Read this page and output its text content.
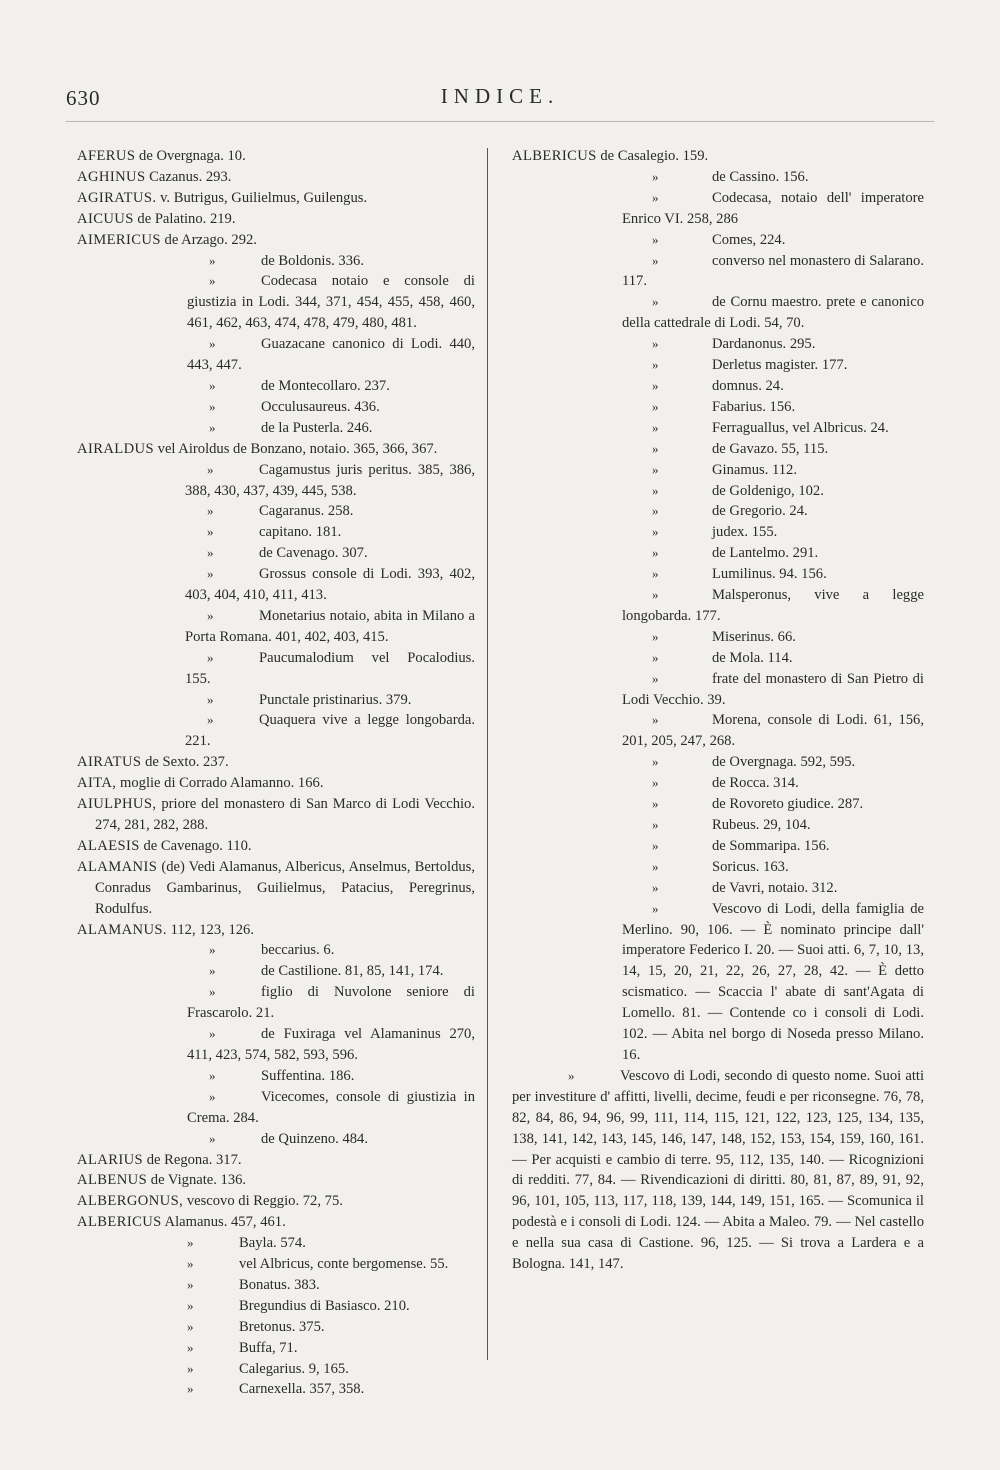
630	INDICE.
AFERUS de Overgnaga. 10.
AGHINUS Cazanus. 293.
AGIRATUS. v. Butrigus, Guilielmus, Guilengus.
AICUUS de Palatino. 219.
AIMERICUS de Arzago. 292.
»	de Boldonis. 336.
»	Codecasa notaio e console di giustizia in Lodi. 344, 371, 454, 455, 458, 460, 461, 462, 463, 474, 478, 479, 480, 481.
»	Guazacane canonico di Lodi. 440, 443, 447.
»	de Montecollaro. 237.
»	Occulusaureus. 436.
»	de la Pusterla. 246.
AIRALDUS vel Airoldus de Bonzano, notaio. 365, 366, 367.
»	Cagamustus juris peritus. 385, 386, 388, 430, 437, 439, 445, 538.
»	Cagaranus. 258.
»	capitano. 181.
»	de Cavenago. 307.
»	Grossus console di Lodi. 393, 402, 403, 404, 410, 411, 413.
»	Monetarius notaio, abita in Milano a Porta Romana. 401, 402, 403, 415.
»	Paucumalodium vel Pocalodius. 155.
»	Punctale pristinarius. 379.
»	Quaquera vive a legge longobarda. 221.
AIRATUS de Sexto. 237.
AITA, moglie di Corrado Alamanno. 166.
AIULPHUS, priore del monastero di San Marco di Lodi Vecchio. 274, 281, 282, 288.
ALAESIS de Cavenago. 110.
ALAMANIS (de) Vedi Alamanus, Albericus, Anselmus, Bertoldus, Conradus Gambarinus, Guilielmus, Patacius, Peregrinus, Rodulfus.
ALAMANUS. 112, 123, 126.
»	beccarius. 6.
»	de Castilione. 81, 85, 141, 174.
»	figlio di Nuvolone seniore di Frascarolo. 21.
»	de Fuxiraga vel Alamaninus 270, 411, 423, 574, 582, 593, 596.
»	Suffentina. 186.
»	Vicecomes, console di giustizia in Crema. 284.
»	de Quinzeno. 484.
ALARIUS de Regona. 317.
ALBENUS de Vignate. 136.
ALBERGONUS, vescovo di Reggio. 72, 75.
ALBERICUS Alamanus. 457, 461.
»	Bayla. 574.
»	vel Albricus, conte bergomense. 55.
»	Bonatus. 383.
»	Bregundius di Basiasco. 210.
»	Bretonus. 375.
»	Buffa, 71.
»	Calegarius. 9, 165.
»	Carnexella. 357, 358.
ALBERICUS de Casalegio. 159.
»	de Cassino. 156.
»	Codecasa, notaio dell' imperatore Enrico VI. 258, 286
»	Comes, 224.
»	converso nel monastero di Salarano. 117.
»	de Cornu maestro. prete e canonico della cattedrale di Lodi. 54, 70.
»	Dardanonus. 295.
»	Derletus magister. 177.
»	domnus. 24.
»	Fabarius. 156.
»	Ferraguallus, vel Albricus. 24.
»	de Gavazo. 55, 115.
»	Ginamus. 112.
»	de Goldenigo, 102.
»	de Gregorio. 24.
»	judex. 155.
»	de Lantelmo. 291.
»	Lumilinus. 94. 156.
»	Malsperonus, vive a legge longobarda. 177.
»	Miserinus. 66.
»	de Mola. 114.
»	frate del monastero di San Pietro di Lodi Vecchio. 39.
»	Morena, console di Lodi. 61, 156, 201, 205, 247, 268.
»	de Overgnaga. 592, 595.
»	de Rocca. 314.
»	de Rovoreto giudice. 287.
»	Rubeus. 29, 104.
»	de Sommaripa. 156.
»	Soricus. 163.
»	de Vavri, notaio. 312.
»	Vescovo di Lodi, della famiglia de Merlino. 90, 106. — È nominato principe dall' imperatore Federico I. 20. — Suoi atti. 6, 7, 10, 13, 14, 15, 20, 21, 22, 26, 27, 28, 42. — È detto scismatico. — Scaccia l' abate di sant'Agata di Lomello. 81. — Contende co i consoli di Lodi. 102. — Abita nel borgo di Noseda presso Milano. 16.
»	Vescovo di Lodi, secondo di questo nome. Suoi atti per investiture d' affitti, livelli, decime, feudi e per riconsegne. 76, 78, 82, 84, 86, 94, 96, 99, 111, 114, 115, 121, 122, 123, 125, 134, 135, 138, 141, 142, 143, 145, 146, 147, 148, 152, 153, 154, 159, 160, 161. — Per acquisti e cambio di terre. 95, 112, 135, 140. — Ricognizioni di redditi. 77, 84. — Rivendicazioni di diritti. 80, 81, 87, 89, 91, 92, 96, 101, 105, 113, 117, 118, 139, 144, 149, 151, 165. — Scomunica il podestà e i consoli di Lodi. 124. — Abita a Maleo. 79. — Nel castello e nella sua casa di Castione. 96, 125. — Si trova a Lardera e a Bologna. 141, 147.
